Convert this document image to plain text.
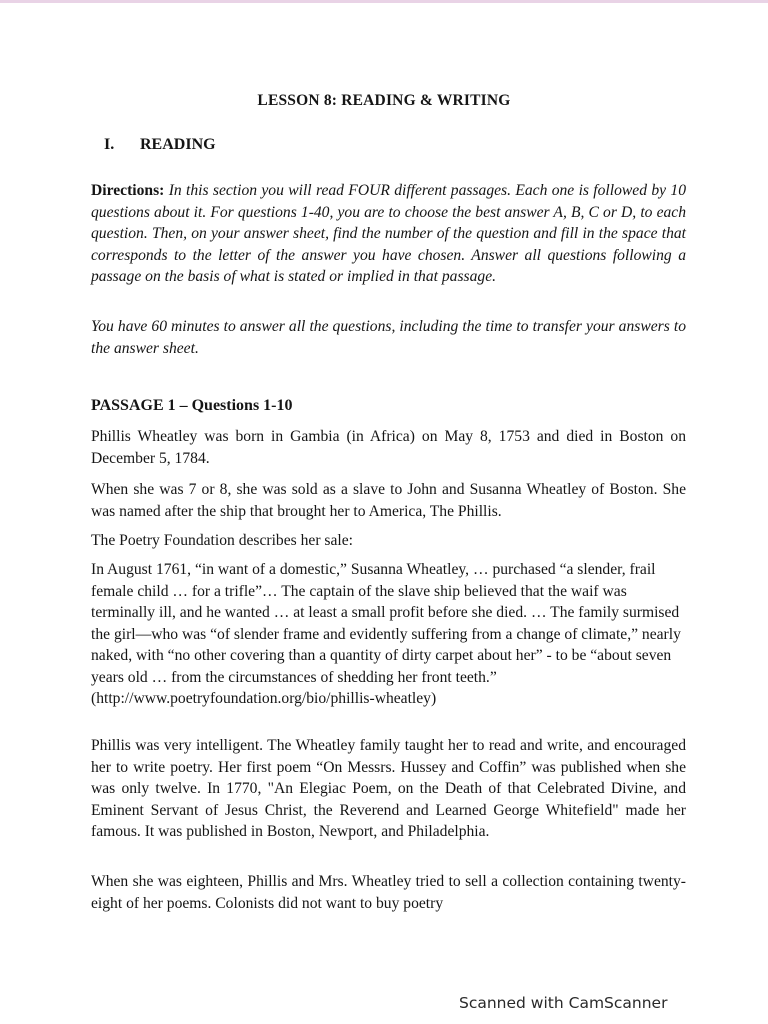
LESSON 8: READING & WRITING
I. READING
Directions: In this section you will read FOUR different passages. Each one is followed by 10 questions about it. For questions 1-40, you are to choose the best answer A, B, C or D, to each question. Then, on your answer sheet, find the number of the question and fill in the space that corresponds to the letter of the answer you have chosen. Answer all questions following a passage on the basis of what is stated or implied in that passage.
You have 60 minutes to answer all the questions, including the time to transfer your answers to the answer sheet.
PASSAGE 1 – Questions 1-10
Phillis Wheatley was born in Gambia (in Africa) on May 8, 1753 and died in Boston on December 5, 1784.
When she was 7 or 8, she was sold as a slave to John and Susanna Wheatley of Boston. She was named after the ship that brought her to America, The Phillis.
The Poetry Foundation describes her sale:
In August 1761, “in want of a domestic,” Susanna Wheatley, … purchased “a slender, frail female child … for a trifle”… The captain of the slave ship believed that the waif was terminally ill, and he wanted … at least a small profit before she died. … The family surmised the girl—who was “of slender frame and evidently suffering from a change of climate,” nearly naked, with “no other covering than a quantity of dirty carpet about her” - to be “about seven years old … from the circumstances of shedding her front teeth.” (http://www.poetryfoundation.org/bio/phillis-wheatley)
Phillis was very intelligent. The Wheatley family taught her to read and write, and encouraged her to write poetry. Her first poem “On Messrs. Hussey and Coffin” was published when she was only twelve. In 1770, "An Elegiac Poem, on the Death of that Celebrated Divine, and Eminent Servant of Jesus Christ, the Reverend and Learned George Whitefield" made her famous. It was published in Boston, Newport, and Philadelphia.
When she was eighteen, Phillis and Mrs. Wheatley tried to sell a collection containing twenty-eight of her poems. Colonists did not want to buy poetry
Scanned with CamScanner
